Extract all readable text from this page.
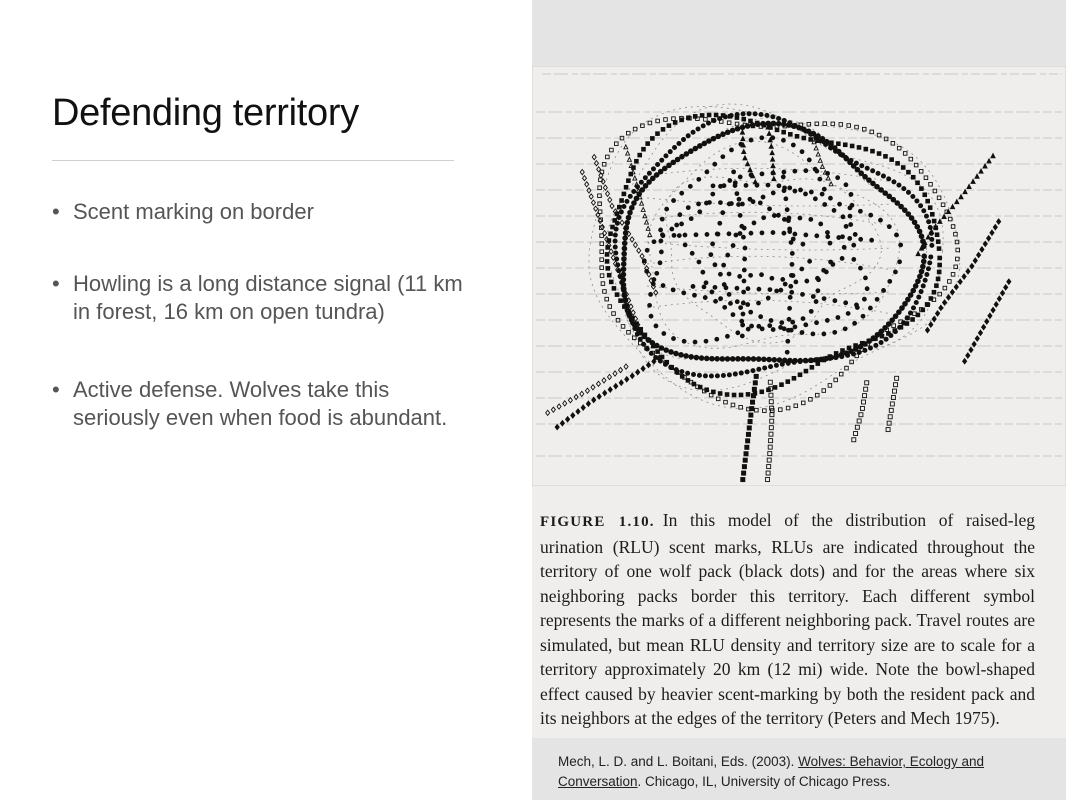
Defending territory
• Scent marking on border
• Howling is a long distance signal (11 km in forest, 16 km on open tundra)
• Active defense. Wolves take this seriously even when food is abundant.

FIGURE 1.10. In this model of the distribution of raised-leg urination (RLU) scent marks, RLUs are indicated throughout the territory of one wolf pack (black dots) and for the areas where six neighboring packs border this territory. Each different symbol represents the marks of a different neighboring pack. Travel routes are simulated, but mean RLU density and territory size are to scale for a territory approximately 20 km (12 mi) wide. Note the bowl-shaped effect caused by heavier scent-marking by both the resident pack and its neighbors at the edges of the territory (Peters and Mech 1975).

Mech, L. D. and L. Boitani, Eds. (2003). Wolves: Behavior, Ecology and Conversation. Chicago, IL, University of Chicago Press.
